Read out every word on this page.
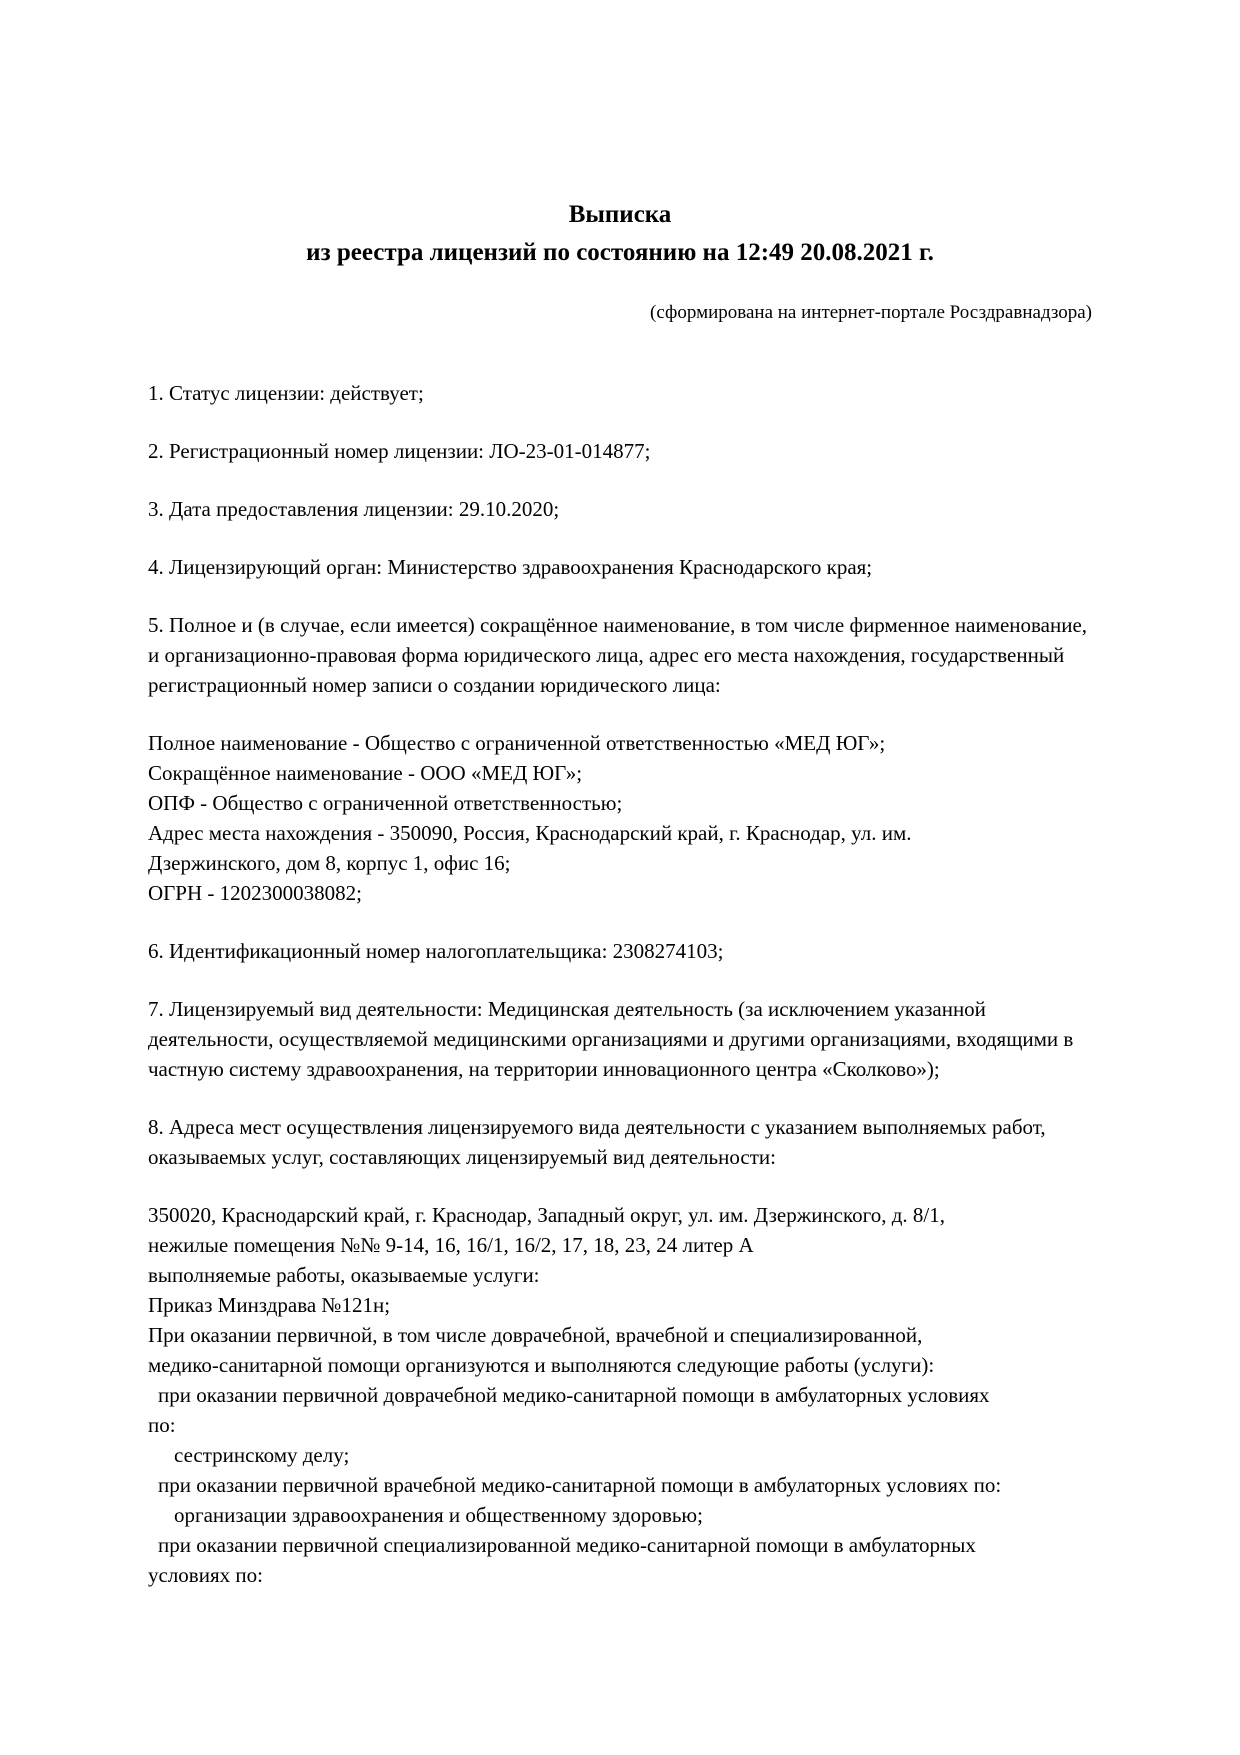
Выписка
из реестра лицензий по состоянию на 12:49 20.08.2021 г.
(сформирована на интернет-портале Росздравнадзора)

1. Статус лицензии: действует;

2. Регистрационный номер лицензии: ЛО-23-01-014877;

3. Дата предоставления лицензии: 29.10.2020;

4. Лицензирующий орган: Министерство здравоохранения Краснодарского края;

5. Полное и (в случае, если имеется) сокращённое наименование, в том числе фирменное наименование, и организационно-правовая форма юридического лица, адрес его места нахождения, государственный регистрационный номер записи о создании юридического лица:

Полное наименование - Общество с ограниченной ответственностью «МЕД ЮГ»;

Сокращённое наименование - ООО «МЕД ЮГ»;

ОПФ - Общество с ограниченной ответственностью;

Адрес места нахождения - 350090, Россия, Краснодарский край, г. Краснодар, ул. им.

Дзержинского, дом 8, корпус 1, офис 16;

ОГРН - 1202300038082;

6. Идентификационный номер налогоплательщика: 2308274103;

7. Лицензируемый вид деятельности: Медицинская деятельность (за исключением указанной деятельности, осуществляемой медицинскими организациями и другими организациями, входящими в частную систему здравоохранения, на территории инновационного центра «Сколково»);

8. Адреса мест осуществления лицензируемого вида деятельности с указанием выполняемых работ, оказываемых услуг, составляющих лицензируемый вид деятельности:

350020, Краснодарский край, г. Краснодар, Западный округ, ул. им. Дзержинского, д. 8/1,

нежилые помещения №№ 9-14, 16, 16/1, 16/2, 17, 18, 23, 24 литер А

выполняемые работы, оказываемые услуги:

Приказ Минздрава №121н;

При оказании первичной, в том числе доврачебной, врачебной и специализированной,

медико-санитарной помощи организуются и выполняются следующие работы (услуги):

при оказании первичной доврачебной медико-санитарной помощи в амбулаторных условиях

по:

сестринскому делу;

при оказании первичной врачебной медико-санитарной помощи в амбулаторных условиях по:

организации здравоохранения и общественному здоровью;

при оказании первичной специализированной медико-санитарной помощи в амбулаторных

условиях по:
